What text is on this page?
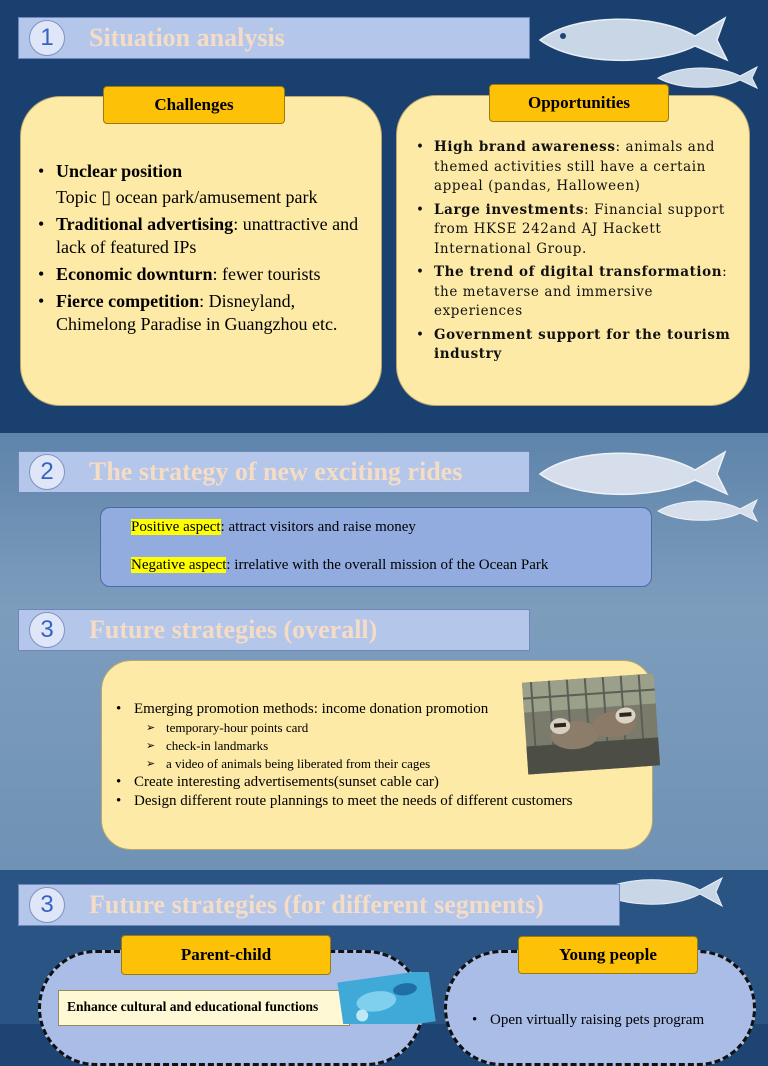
1	Situation analysis
Challenges
• Unclear position
Topic ▯ ocean park/amusement park
• Traditional advertising: unattractive and lack of featured IPs
• Economic downturn: fewer tourists
• Fierce competition: Disneyland, Chimelong Paradise in Guangzhou etc.
Opportunities
• High brand awareness: animals and themed activities still have a certain appeal (pandas, Halloween)
• Large investments: Financial support from HKSE 242and AJ Hackett International Group.
• The trend of digital transformation: the metaverse and immersive experiences
• Government support for the tourism industry
2	The strategy of new exciting rides
Positive aspect: attract visitors and raise money
Negative aspect: irrelative with the overall mission of the Ocean Park
3	Future strategies (overall)
• Emerging promotion methods: income donation promotion
➢ temporary-hour points card
➢ check-in landmarks
➢ a video of animals being liberated from their cages
• Create interesting advertisements(sunset cable car)
• Design different route plannings to meet the needs of different customers
3	Future strategies (for different segments)
Parent-child	Young people
Enhance cultural and educational functions
• Open virtually raising pets program
